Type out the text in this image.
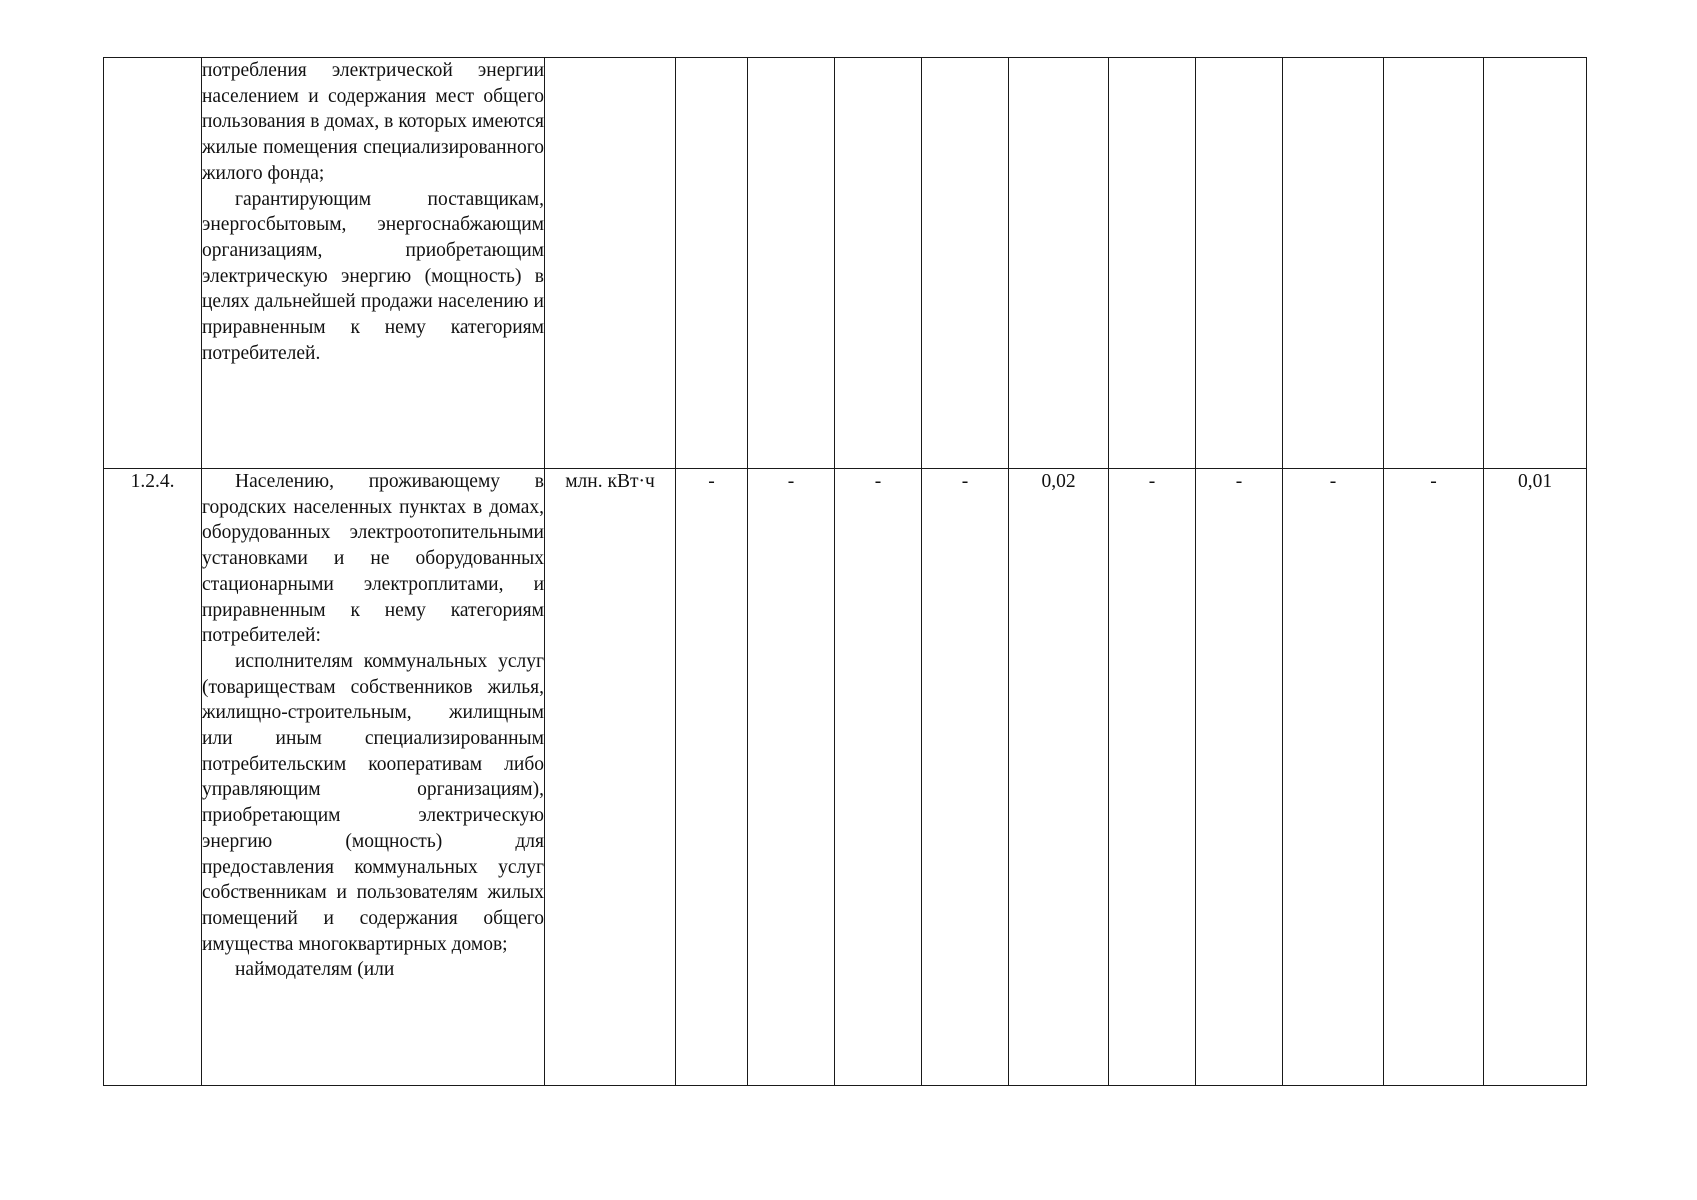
	потребления электрической энергии населением и содержания мест общего пользования в домах, в которых имеются жилые помещения специализированного жилого фонда;

гарантирующим поставщикам, энергосбытовым, энергоснабжающим организациям, приобретающим электрическую энергию (мощность) в целях дальнейшей продажи населению и приравненным к нему категориям потребителей.											

1.2.4.	Населению, проживающему в городских населенных пунктах в домах, оборудованных электроотопительными установками и не оборудованных стационарными электроплитами, и приравненным к нему категориям потребителей:

исполнителям коммунальных услуг (товариществам собственников жилья, жилищно-строительным, жилищным или иным специализированным потребительским кооперативам либо управляющим организациям), приобретающим электрическую энергию (мощность) для предоставления коммунальных услуг собственникам и пользователям жилых помещений и содержания общего имущества многоквартирных домов;

наймодателям (или	млн. кВт·ч	-	-	-	-	0,02	-	-	-	-	0,01
